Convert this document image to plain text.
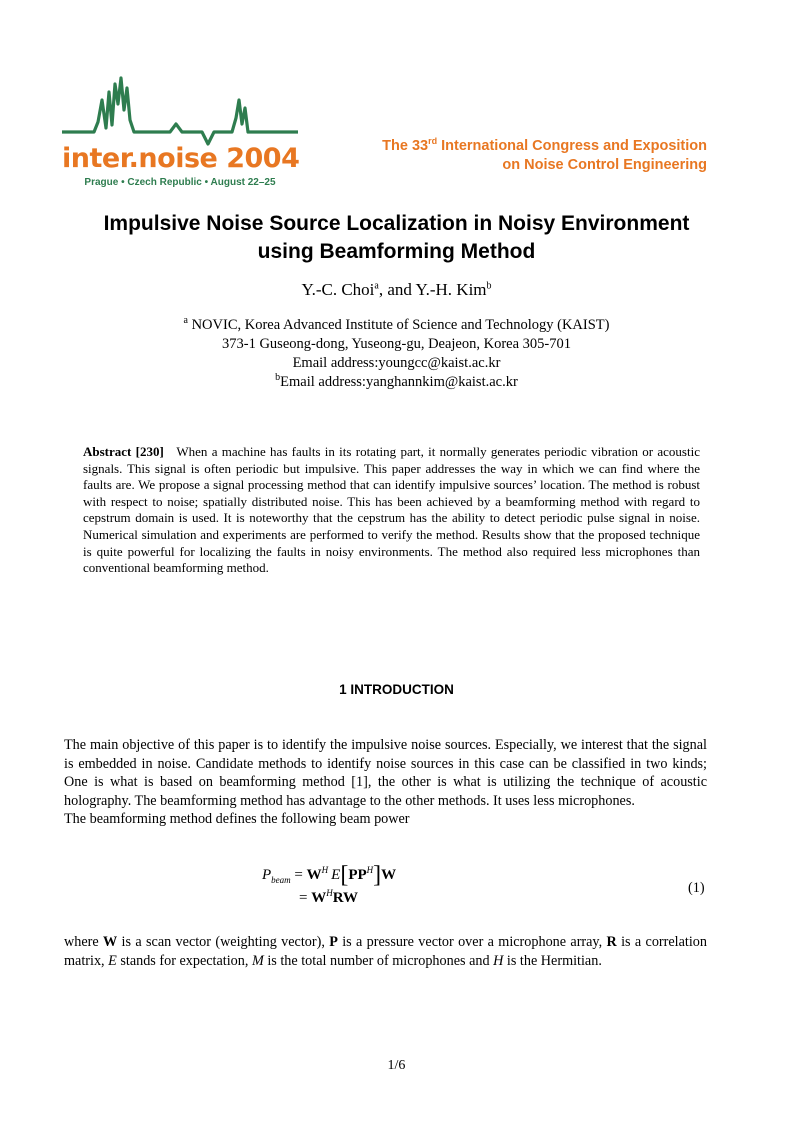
inter.noise 2004
Prague • Czech Republic • August 22–25
The 33rd International Congress and Exposition
on Noise Control Engineering
Impulsive Noise Source Localization in Noisy Environment
using Beamforming Method
Y.-C. Choi$^a$, and Y.-H. Kim$^b$
$^a$ NOVIC, Korea Advanced Institute of Science and Technology (KAIST)
373-1 Guseong-dong, Yuseong-gu, Deajeon, Korea 305-701
Email address:youngcc@kaist.ac.kr
$^b$Email address:yanghannkim@kaist.ac.kr
Abstract [230] When a machine has faults in its rotating part, it normally generates periodic vibration or acoustic signals. This signal is often periodic but impulsive. This paper addresses the way in which we can find where the faults are. We propose a signal processing method that can identify impulsive sources’ location. The method is robust with respect to noise; spatially distributed noise. This has been achieved by a beamforming method with regard to cepstrum domain is used. It is noteworthy that the cepstrum has the ability to detect periodic pulse signal in noise. Numerical simulation and experiments are performed to verify the method. Results show that the proposed technique is quite powerful for localizing the faults in noisy environments. The method also required less microphones than conventional beamforming method.
1 INTRODUCTION

The main objective of this paper is to identify the impulsive noise sources. Especially, we interest that the signal is embedded in noise. Candidate methods to identify noise sources in this case can be classified in two kinds; One is what is based on beamforming method [1], the other is what is utilizing the technique of acoustic holography. The beamforming method has advantage to the other methods. It uses less microphones.

The beamforming method defines the following beam power

$P_{beam} = W^H$  $E[PP^H]W$
= $W^HRW$
(1)
where W is a scan vector (weighting vector), P is a pressure vector over a microphone array, R is a correlation matrix, E stands for expectation, M is the total number of microphones and H is the Hermitian.
1/6
